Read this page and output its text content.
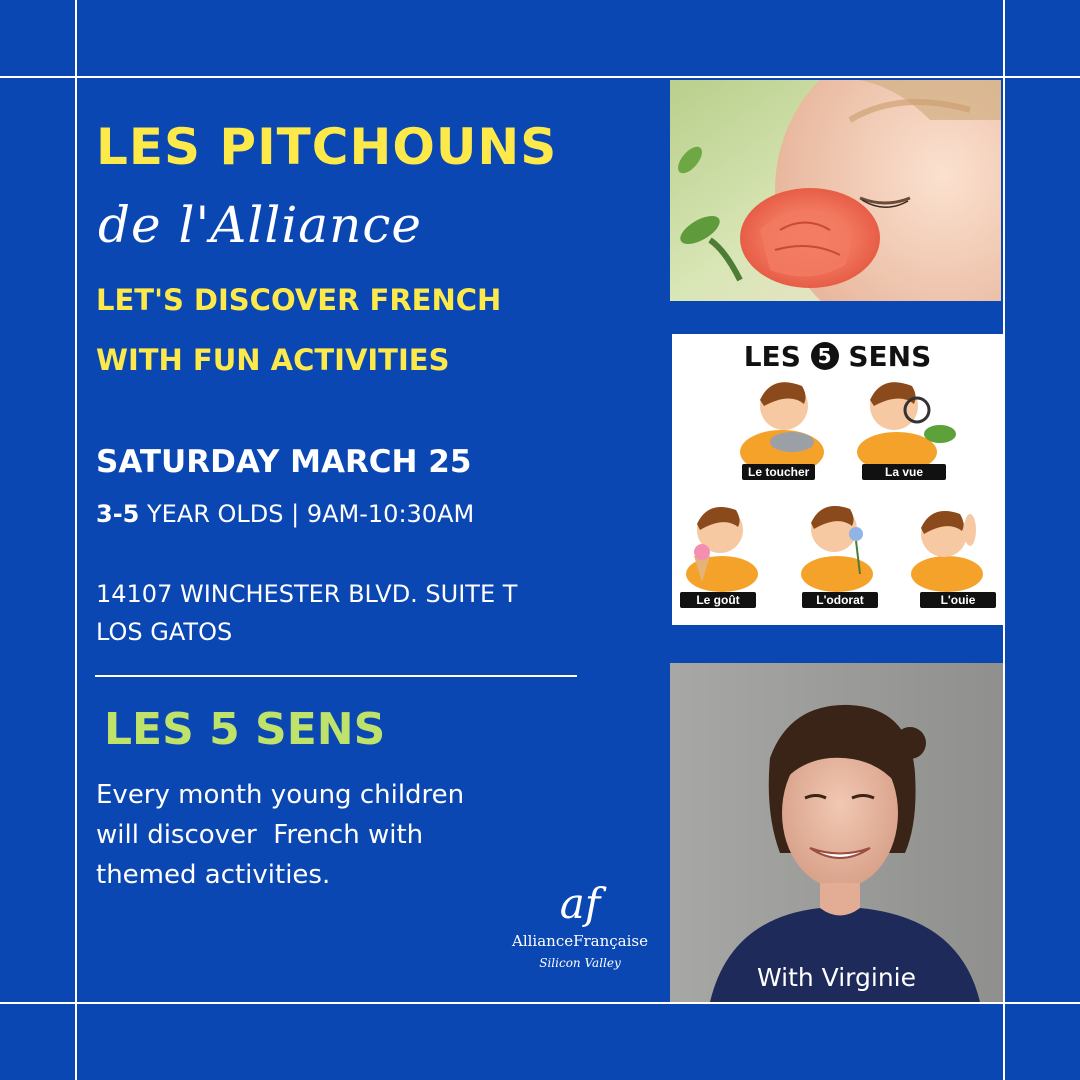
LES PITCHOUNS
de l'Alliance
LET'S DISCOVER FRENCH
WITH FUN ACTIVITIES
SATURDAY MARCH 25
3-5 YEAR OLDS | 9AM-10:30AM
14107 WINCHESTER BLVD. SUITE T
LOS GATOS
LES 5 SENS
Every month young children
will discover  French with
themed activities.
af
AllianceFrançaise
Silicon Valley
LES 5 SENS
Le toucher	La vue
Le goût	L'odorat	L'ouie
With Virginie
